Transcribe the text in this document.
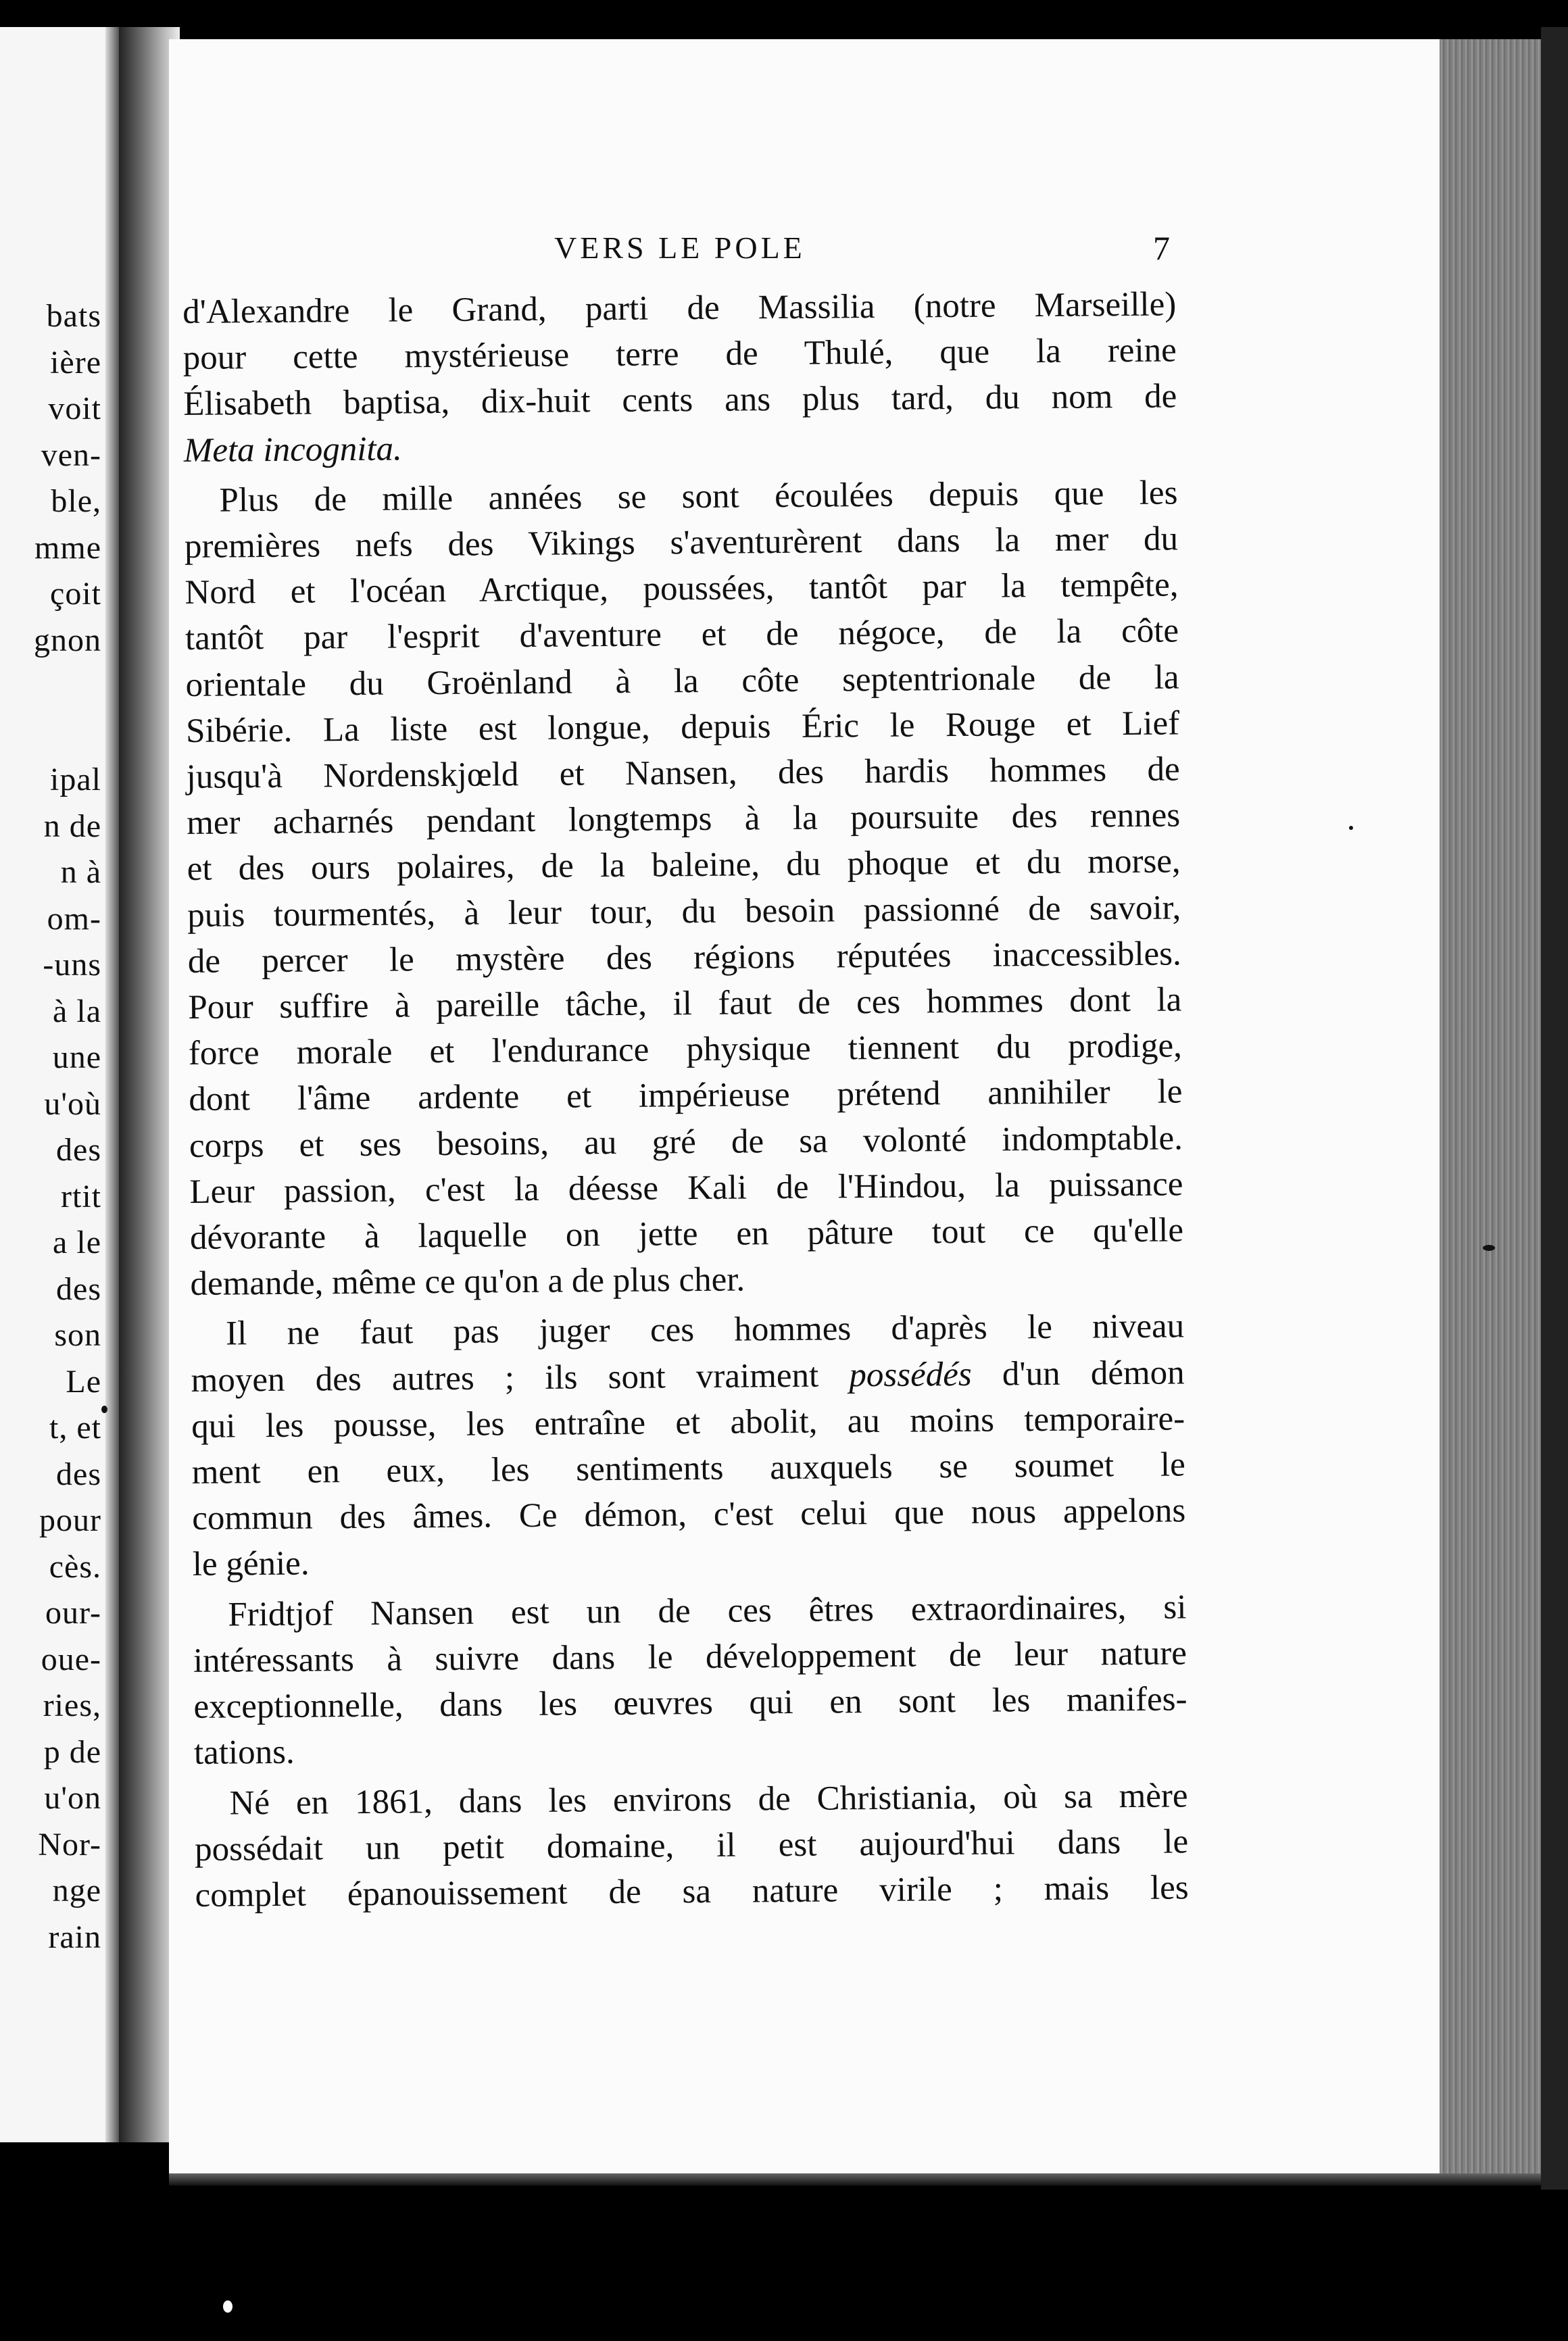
bats
ière
voit
ven-
ble,
mme
çoit
gnon
ipal
n de
n à
om-
-uns
à la
une
u'où
des
rtit
a le
des
son
Le
t, et
des
pour
cès.
our-
oue-
ries,
p de
u'on
Nor-
nge
rain
VERS LE POLE	7
d'Alexandre le Grand, parti de Massilia (notre Marseille)
pour cette mystérieuse terre de Thulé, que la reine
Élisabeth baptisa, dix-huit cents ans plus tard, du nom de
Meta incognita.
Plus de mille années se sont écoulées depuis que les
premières nefs des Vikings s'aventurèrent dans la mer du
Nord et l'océan Arctique, poussées, tantôt par la tempête,
tantôt par l'esprit d'aventure et de négoce, de la côte
orientale du Groënland à la côte septentrionale de la
Sibérie. La liste est longue, depuis Éric le Rouge et Lief
jusqu'à Nordenskjœld et Nansen, des hardis hommes de
mer acharnés pendant longtemps à la poursuite des rennes
et des ours polaires, de la baleine, du phoque et du morse,
puis tourmentés, à leur tour, du besoin passionné de savoir,
de percer le mystère des régions réputées inaccessibles.
Pour suffire à pareille tâche, il faut de ces hommes dont la
force morale et l'endurance physique tiennent du prodige,
dont l'âme ardente et impérieuse prétend annihiler le
corps et ses besoins, au gré de sa volonté indomptable.
Leur passion, c'est la déesse Kali de l'Hindou, la puissance
dévorante à laquelle on jette en pâture tout ce qu'elle
demande, même ce qu'on a de plus cher.
Il ne faut pas juger ces hommes d'après le niveau
moyen des autres ; ils sont vraiment possédés d'un démon
qui les pousse, les entraîne et abolit, au moins temporaire-
ment en eux, les sentiments auxquels se soumet le
commun des âmes. Ce démon, c'est celui que nous appelons
le génie.
Fridtjof Nansen est un de ces êtres extraordinaires, si
intéressants à suivre dans le développement de leur nature
exceptionnelle, dans les œuvres qui en sont les manifes-
tations.
Né en 1861, dans les environs de Christiania, où sa mère
possédait un petit domaine, il est aujourd'hui dans le
complet épanouissement de sa nature virile ; mais les
